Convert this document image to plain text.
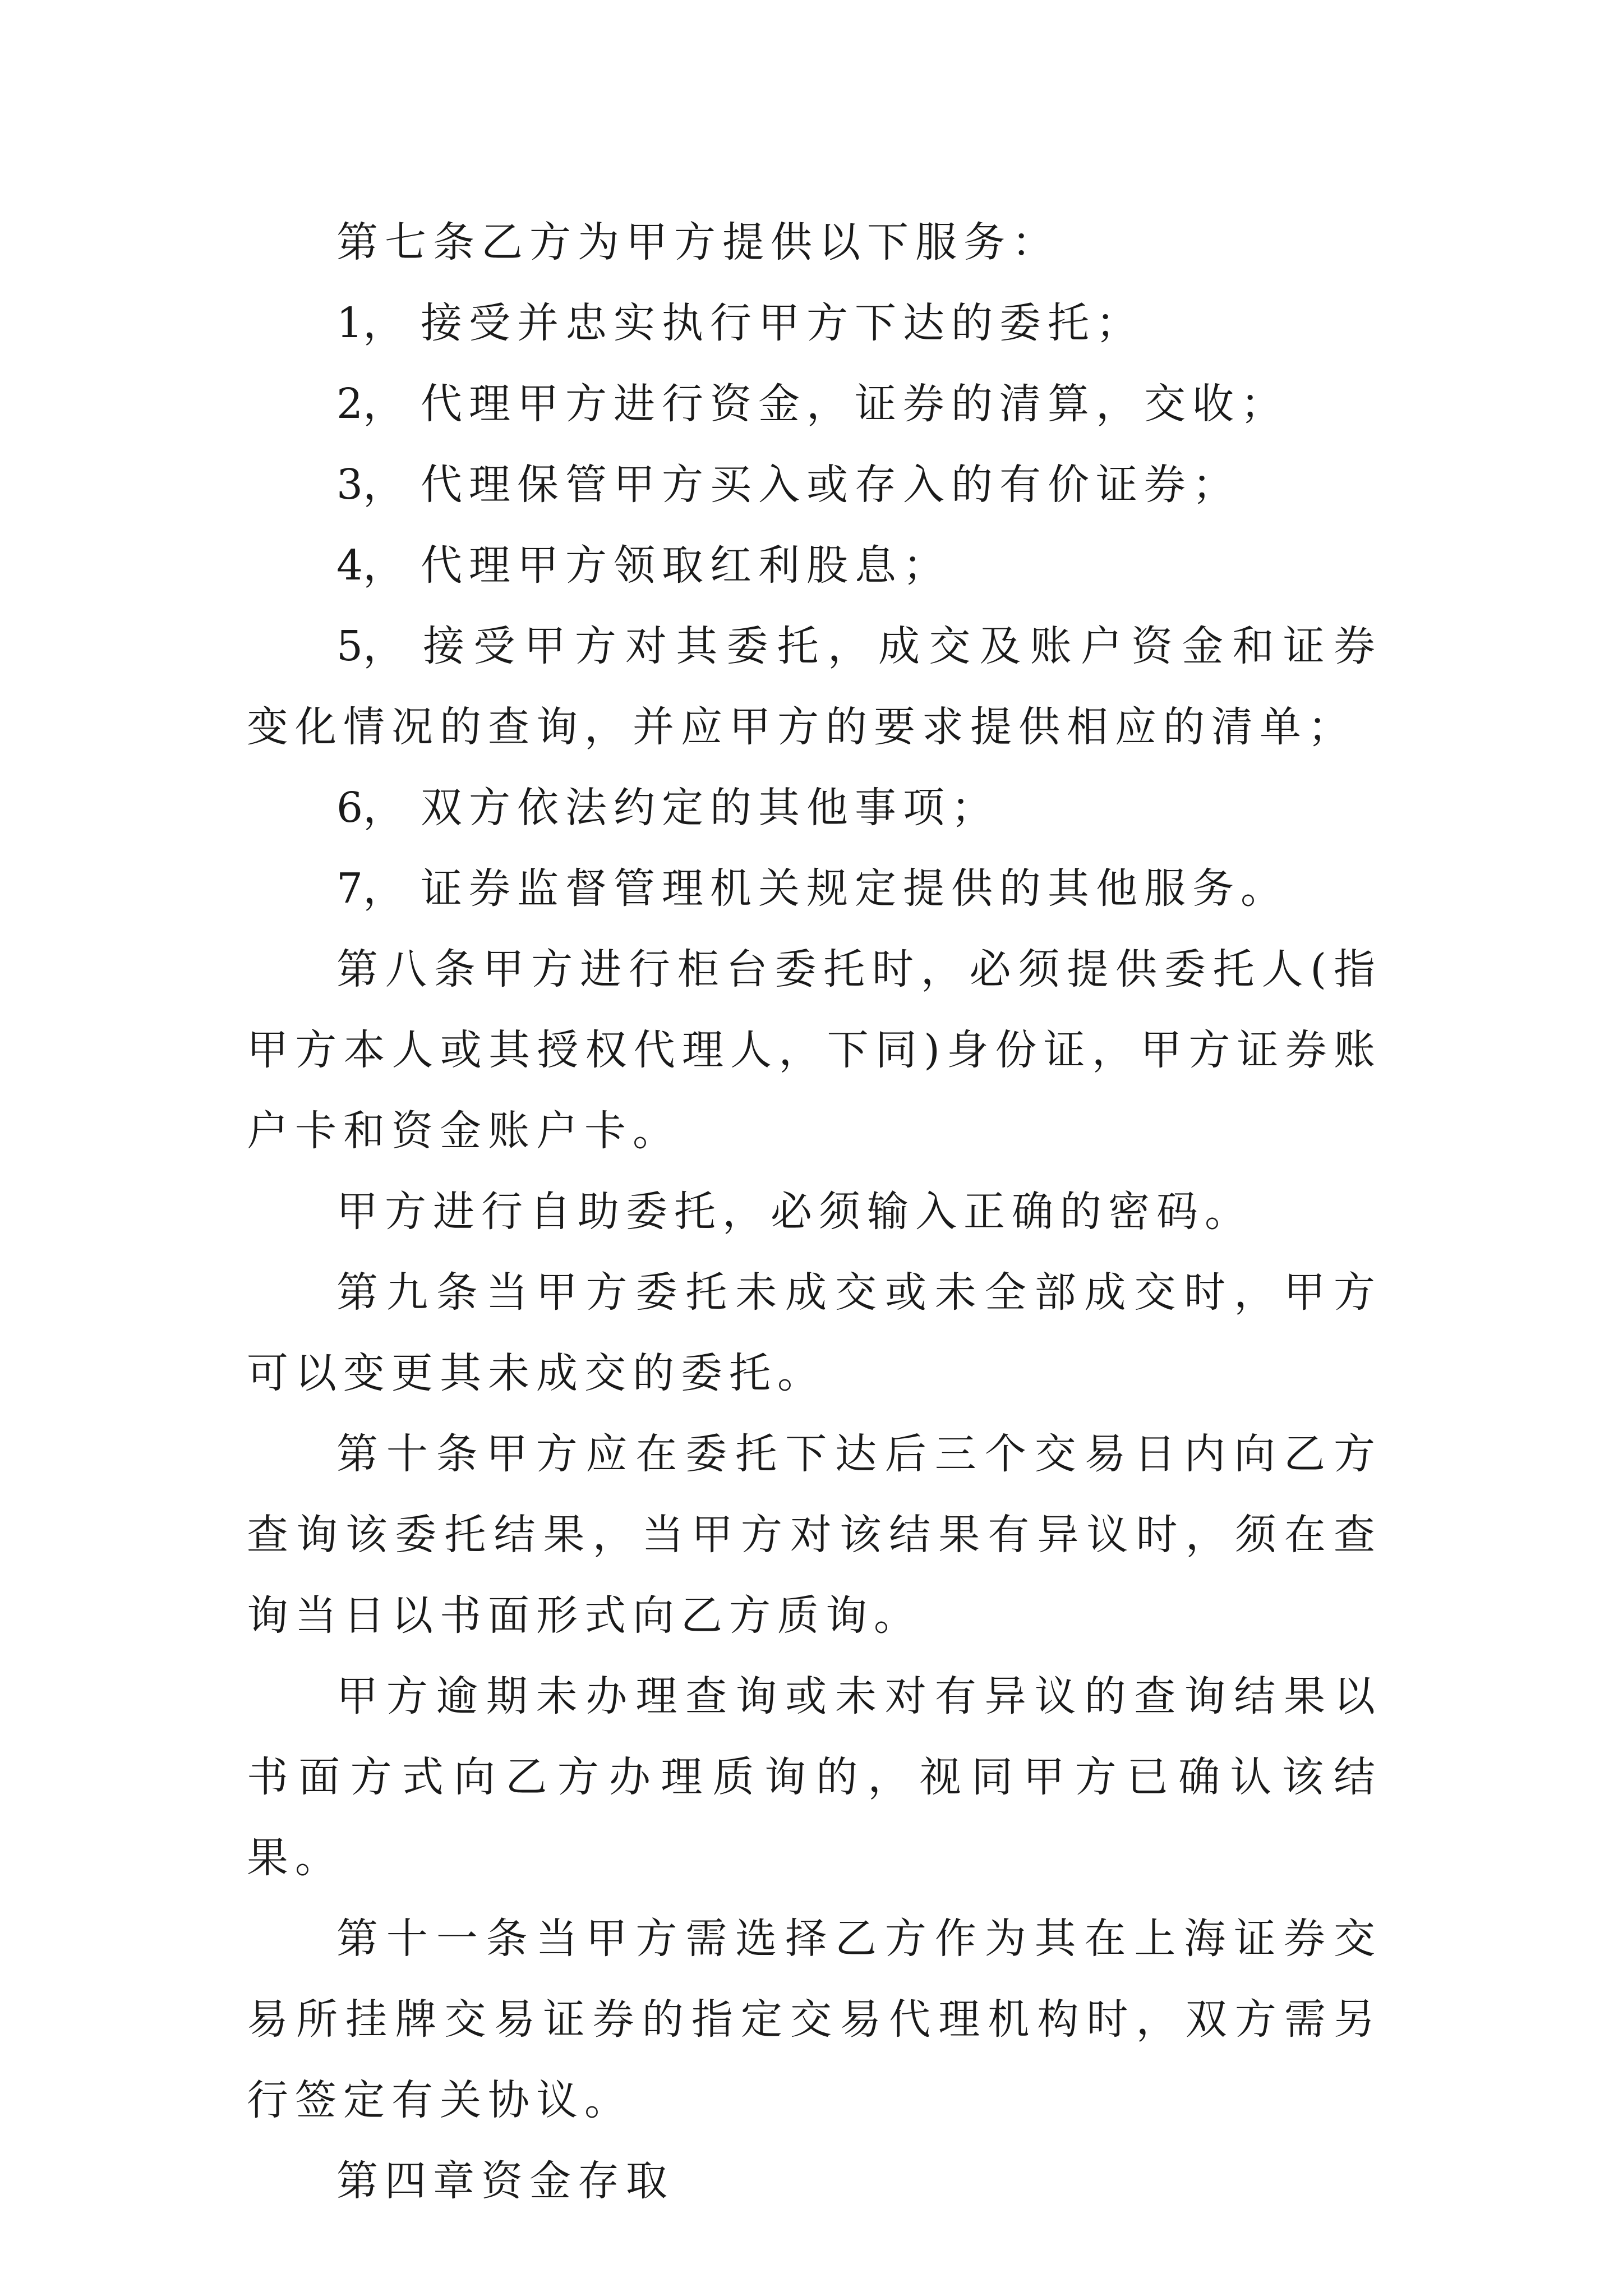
第七条乙方为甲方提供以下服务：

1， 接受并忠实执行甲方下达的委托；

2， 代理甲方进行资金，证券的清算，交收；

3， 代理保管甲方买入或存入的有价证券；

4， 代理甲方领取红利股息；

5， 接受甲方对其委托，成交及账户资金和证券变化情况的查询，并应甲方的要求提供相应的清单；

6， 双方依法约定的其他事项；

7， 证券监督管理机关规定提供的其他服务。

第八条甲方进行柜台委托时，必须提供委托人(指甲方本人或其授权代理人，下同)身份证，甲方证券账户卡和资金账户卡。

甲方进行自助委托，必须输入正确的密码。

第九条当甲方委托未成交或未全部成交时，甲方可以变更其未成交的委托。

第十条甲方应在委托下达后三个交易日内向乙方查询该委托结果，当甲方对该结果有异议时，须在查询当日以书面形式向乙方质询。

甲方逾期未办理查询或未对有异议的查询结果以书面方式向乙方办理质询的，视同甲方已确认该结果。

第十一条当甲方需选择乙方作为其在上海证券交易所挂牌交易证券的指定交易代理机构时，双方需另行签定有关协议。

第四章资金存取
